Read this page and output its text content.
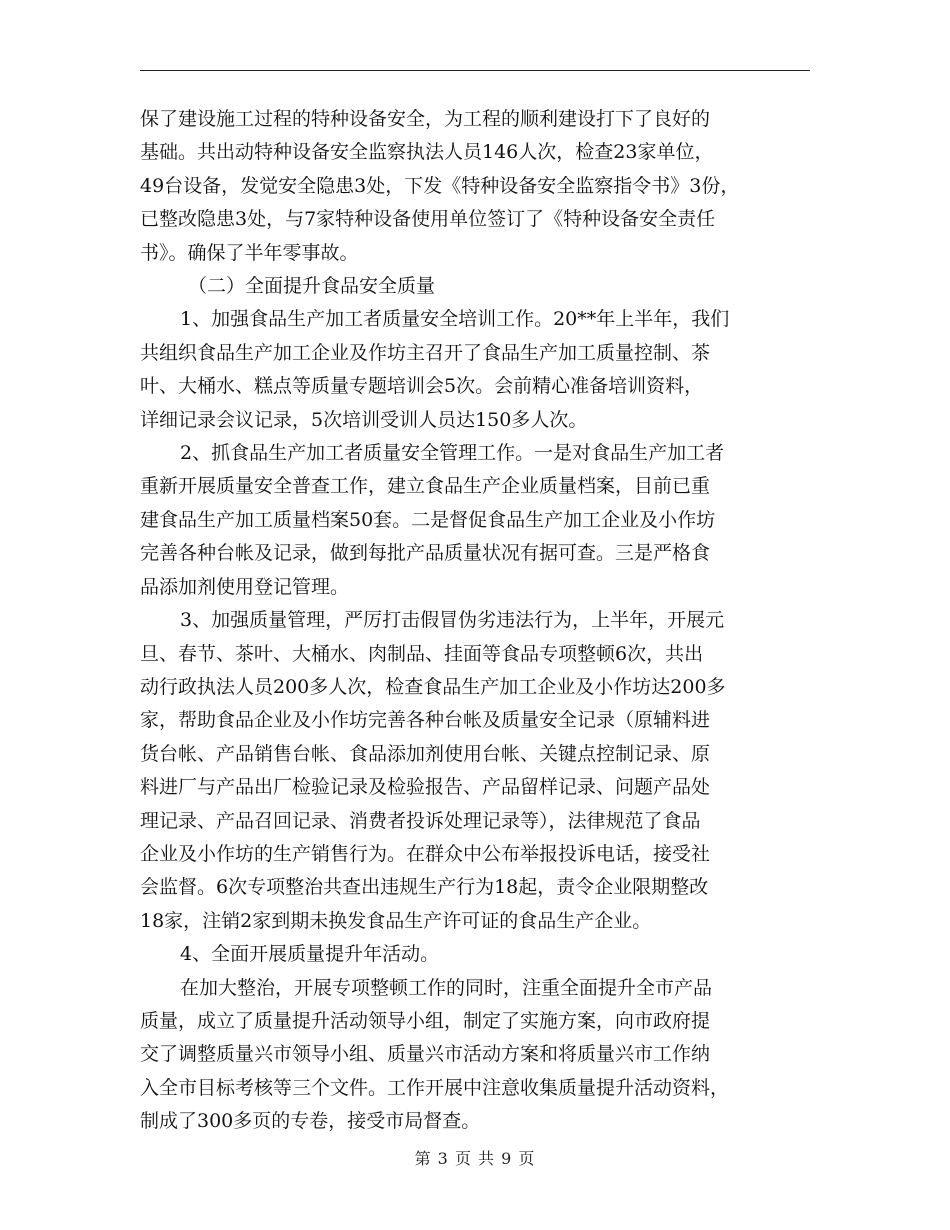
保了建设施工过程的特种设备安全，为工程的顺利建设打下了良好的
基础。共出动特种设备安全监察执法人员146人次，检查23家单位，
49台设备，发觉安全隐患3处，下发《特种设备安全监察指令书》3份，
已整改隐患3处，与7家特种设备使用单位签订了《特种设备安全责任
书》。确保了半年零事故。
（二）全面提升食品安全质量
1、加强食品生产加工者质量安全培训工作。20**年上半年，我们
共组织食品生产加工企业及作坊主召开了食品生产加工质量控制、茶
叶、大桶水、糕点等质量专题培训会5次。会前精心准备培训资料，
详细记录会议记录，5次培训受训人员达150多人次。
2、抓食品生产加工者质量安全管理工作。一是对食品生产加工者
重新开展质量安全普查工作，建立食品生产企业质量档案，目前已重
建食品生产加工质量档案50套。二是督促食品生产加工企业及小作坊
完善各种台帐及记录，做到每批产品质量状况有据可查。三是严格食
品添加剂使用登记管理。
3、加强质量管理，严厉打击假冒伪劣违法行为，上半年，开展元
旦、春节、茶叶、大桶水、肉制品、挂面等食品专项整顿6次，共出
动行政执法人员200多人次，检查食品生产加工企业及小作坊达200多
家，帮助食品企业及小作坊完善各种台帐及质量安全记录（原辅料进
货台帐、产品销售台帐、食品添加剂使用台帐、关键点控制记录、原
料进厂与产品出厂检验记录及检验报告、产品留样记录、问题产品处
理记录、产品召回记录、消费者投诉处理记录等），法律规范了食品
企业及小作坊的生产销售行为。在群众中公布举报投诉电话，接受社
会监督。6次专项整治共查出违规生产行为18起，责令企业限期整改
18家，注销2家到期未换发食品生产许可证的食品生产企业。
4、全面开展质量提升年活动。
在加大整治，开展专项整顿工作的同时，注重全面提升全市产品
质量，成立了质量提升活动领导小组，制定了实施方案，向市政府提
交了调整质量兴市领导小组、质量兴市活动方案和将质量兴市工作纳
入全市目标考核等三个文件。工作开展中注意收集质量提升活动资料，
制成了300多页的专卷，接受市局督查。
第 3 页 共 9 页
